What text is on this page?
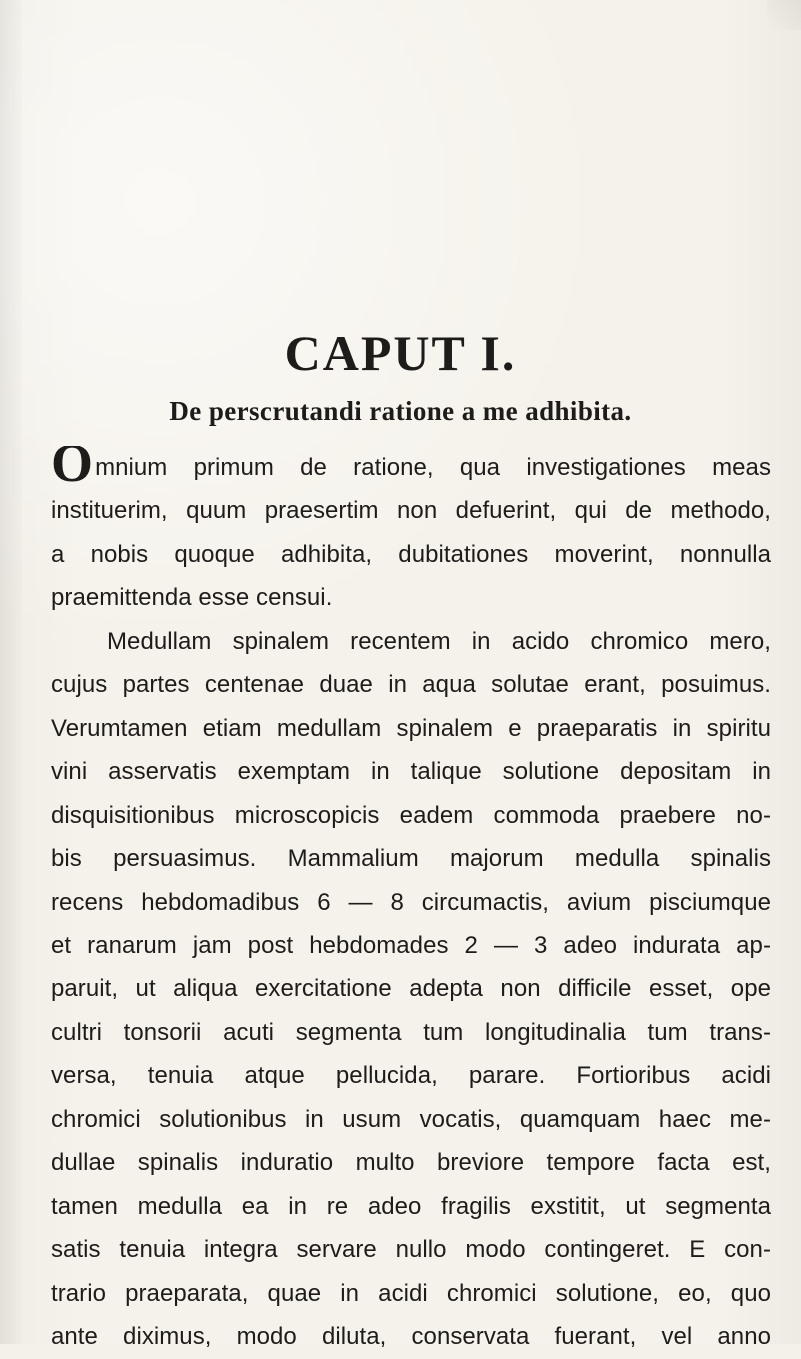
CAPUT I.
De perscrutandi ratione a me adhibita.
O mnium primum de ratione, qua investigationes meas
instituerim, quum praesertim non defuerint, qui de methodo,
a nobis quoque adhibita, dubitationes moverint, nonnulla
praemittenda esse censui.
Medullam spinalem recentem in acido chromico mero,
cujus partes centenae duae in aqua solutae erant, posuimus.
Verumtamen etiam medullam spinalem e praeparatis in spiritu
vini asservatis exemptam in talique solutione depositam in
disquisitionibus microscopicis eadem commoda praebere no-
bis persuasimus. Mammalium majorum medulla spinalis
recens hebdomadibus 6 — 8 circumactis, avium pisciumque
et ranarum jam post hebdomades 2 — 3 adeo indurata ap-
paruit, ut aliqua exercitatione adepta non difficile esset, ope
cultri tonsorii acuti segmenta tum longitudinalia tum trans-
versa, tenuia atque pellucida, parare. Fortioribus acidi
chromici solutionibus in usum vocatis, quamquam haec me-
dullae spinalis induratio multo breviore tempore facta est,
tamen medulla ea in re adeo fragilis exstitit, ut segmenta
satis tenuia integra servare nullo modo contingeret. E con-
trario praeparata, quae in acidi chromici solutione, eo, quo
ante diximus, modo diluta, conservata fuerant, vel anno
